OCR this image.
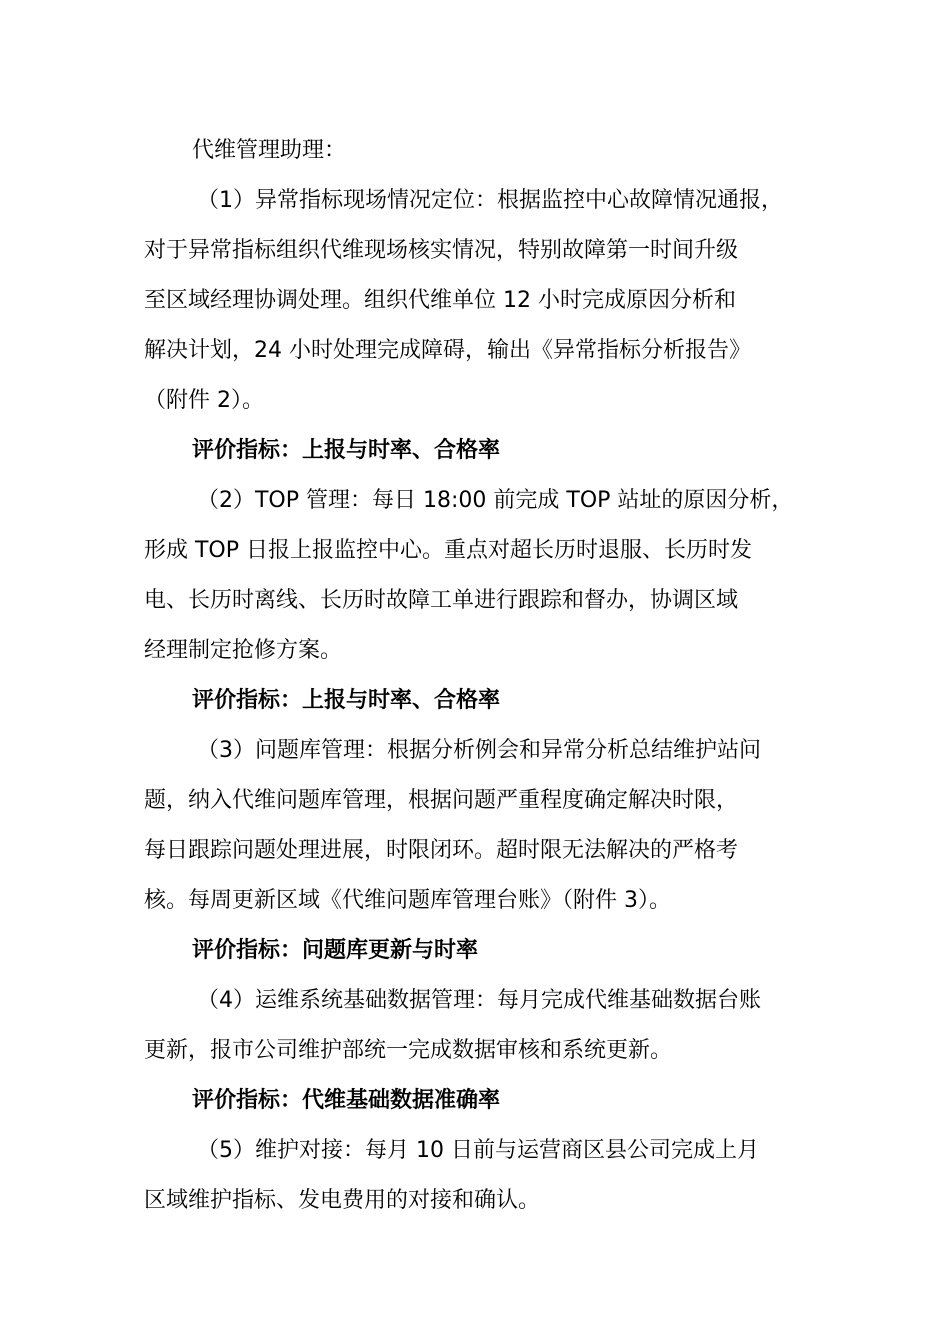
代维管理助理：
（1）异常指标现场情况定位：根据监控中心故障情况通报，
对于异常指标组织代维现场核实情况，特别故障第一时间升级
至区域经理协调处理。组织代维单位 12 小时完成原因分析和
解决计划，24 小时处理完成障碍，输出《异常指标分析报告》
（附件 2）。
评价指标：上报与时率、合格率
（2）TOP 管理：每日 18:00 前完成 TOP 站址的原因分析，
形成 TOP 日报上报监控中心。重点对超长历时退服、长历时发
电、长历时离线、长历时故障工单进行跟踪和督办，协调区域
经理制定抢修方案。
评价指标：上报与时率、合格率
（3）问题库管理：根据分析例会和异常分析总结维护站问
题，纳入代维问题库管理，根据问题严重程度确定解决时限，
每日跟踪问题处理进展，时限闭环。超时限无法解决的严格考
核。每周更新区域《代维问题库管理台账》（附件 3）。
评价指标：问题库更新与时率
（4）运维系统基础数据管理：每月完成代维基础数据台账
更新，报市公司维护部统一完成数据审核和系统更新。
评价指标：代维基础数据准确率
（5）维护对接：每月 10 日前与运营商区县公司完成上月
区域维护指标、发电费用的对接和确认。
